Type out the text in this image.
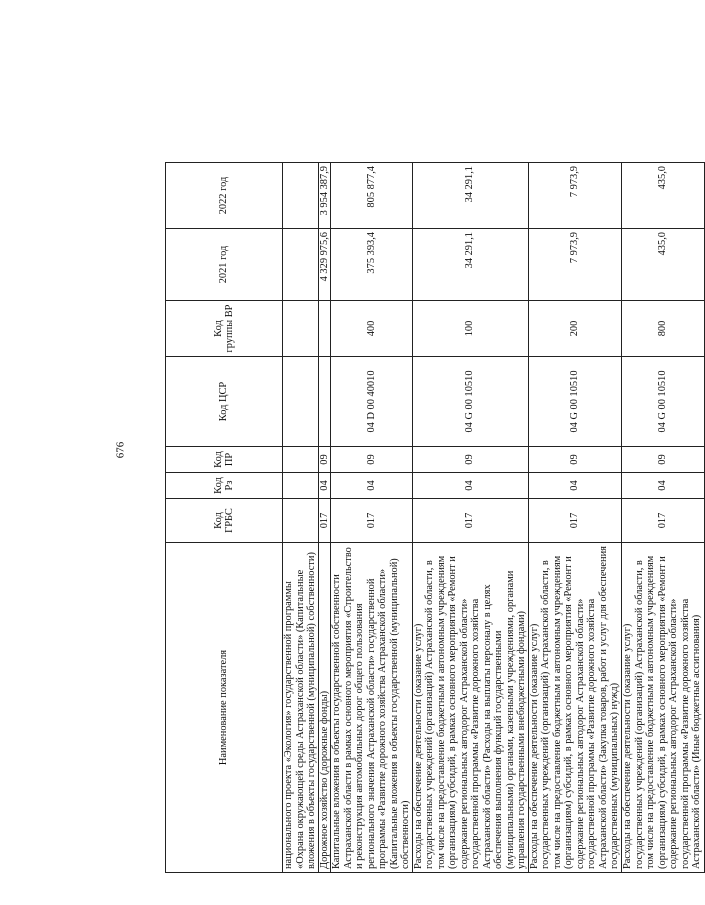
676
Наименование показателя	Код ГРБС	Код Рз	Код ПР	Код ЦСР	Код группы ВР	2021 год	2022 год
национального проекта «Экология» государственной программы «Охрана окружающей среды Астраханской области» (Капитальные вложения в объекты государственной (муниципальной) собственности)							
Дорожное хозяйство (дорожные фонды)	017	04	09			4 329 975,6	3 954 387,9
Капитальные вложения в объекты государственной собственности Астраханской области в рамках основного мероприятия «Строительство и реконструкция автомобильных дорог общего пользования регионального значения Астраханской области» государственной программы «Развитие дорожного хозяйства Астраханской области» (Капитальные вложения в объекты государственной (муниципальной) собственности)	017	04	09	04 D 00 40010	400	375 393,4	805 877,4
Расходы на обеспечение деятельности (оказание услуг) государственных учреждений (организаций) Астраханской области, в том числе на предоставление бюджетным и автономным учреждениям (организациям) субсидий, в рамках основного мероприятия «Ремонт и содержание региональных автодорог Астраханской области» государственной программы «Развитие дорожного хозяйства Астраханской области» (Расходы на выплаты персоналу в целях обеспечения выполнения функций государственными (муниципальными) органами, казенными учреждениями, органами управления государственными внебюджетными фондами)	017	04	09	04 G 00 10510	100	34 291,1	34 291,1
Расходы на обеспечение деятельности (оказание услуг) государственных учреждений (организаций) Астраханской области, в том числе на предоставление бюджетным и автономным учреждениям (организациям) субсидий, в рамках основного мероприятия «Ремонт и содержание региональных автодорог Астраханской области» государственной программы «Развитие дорожного хозяйства Астраханской области» (Закупка товаров, работ и услуг для обеспечения государственных (муниципальных) нужд)	017	04	09	04 G 00 10510	200	7 973,9	7 973,9
Расходы на обеспечение деятельности (оказание услуг) государственных учреждений (организаций) Астраханской области, в том числе на предоставление бюджетным и автономным учреждениям (организациям) субсидий, в рамках основного мероприятия «Ремонт и содержание региональных автодорог Астраханской области» государственной программы «Развитие дорожного хозяйства Астраханской области» (Иные бюджетные ассигнования)	017	04	09	04 G 00 10510	800	435,0	435,0
